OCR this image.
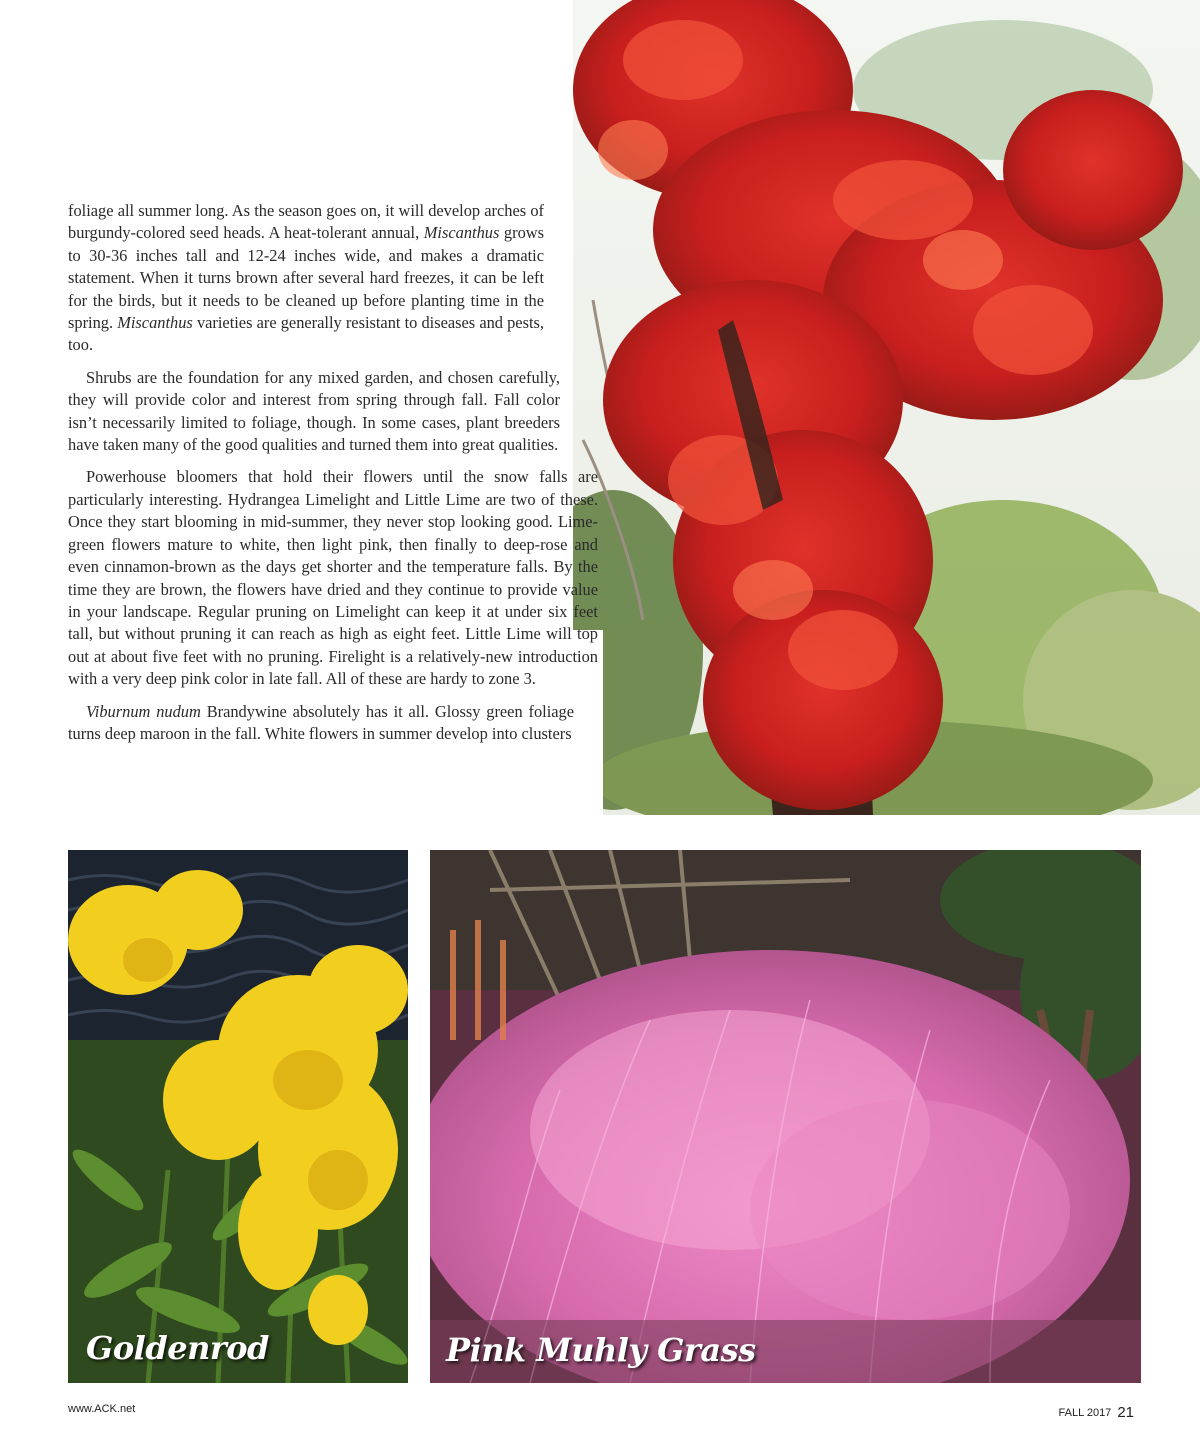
foliage all summer long. As the season goes on, it will develop arches of burgundy-colored seed heads. A heat-tolerant annual, Miscanthus grows to 30-36 inches tall and 12-24 inches wide, and makes a dramatic statement. When it turns brown after several hard freezes, it can be left for the birds, but it needs to be cleaned up before planting time in the spring. Miscanthus varieties are generally resistant to diseases and pests, too.

Shrubs are the foundation for any mixed garden, and chosen carefully, they will provide color and interest from spring through fall. Fall color isn’t necessarily limited to foliage, though. In some cases, plant breeders have taken many of the good qualities and turned them into great qualities.

Powerhouse bloomers that hold their flowers until the snow falls are particularly interesting. Hydrangea Limelight and Little Lime are two of these. Once they start blooming in mid-summer, they never stop looking good. Lime-green flowers mature to white, then light pink, then finally to deep-rose and even cinnamon-brown as the days get shorter and the temperature falls. By the time they are brown, the flowers have dried and they continue to provide value in your landscape. Regular pruning on Limelight can keep it at under six feet tall, but without pruning it can reach as high as eight feet. Little Lime will top out at about five feet with no pruning. Firelight is a relatively-new introduction with a very deep pink color in late fall. All of these are hardy to zone 3.

Viburnum nudum Brandywine absolutely has it all. Glossy green foliage turns deep maroon in the fall. White flowers in summer develop into clusters

Goldenrod	Pink Muhly Grass
www.ACK.net	FALL 2017 21
